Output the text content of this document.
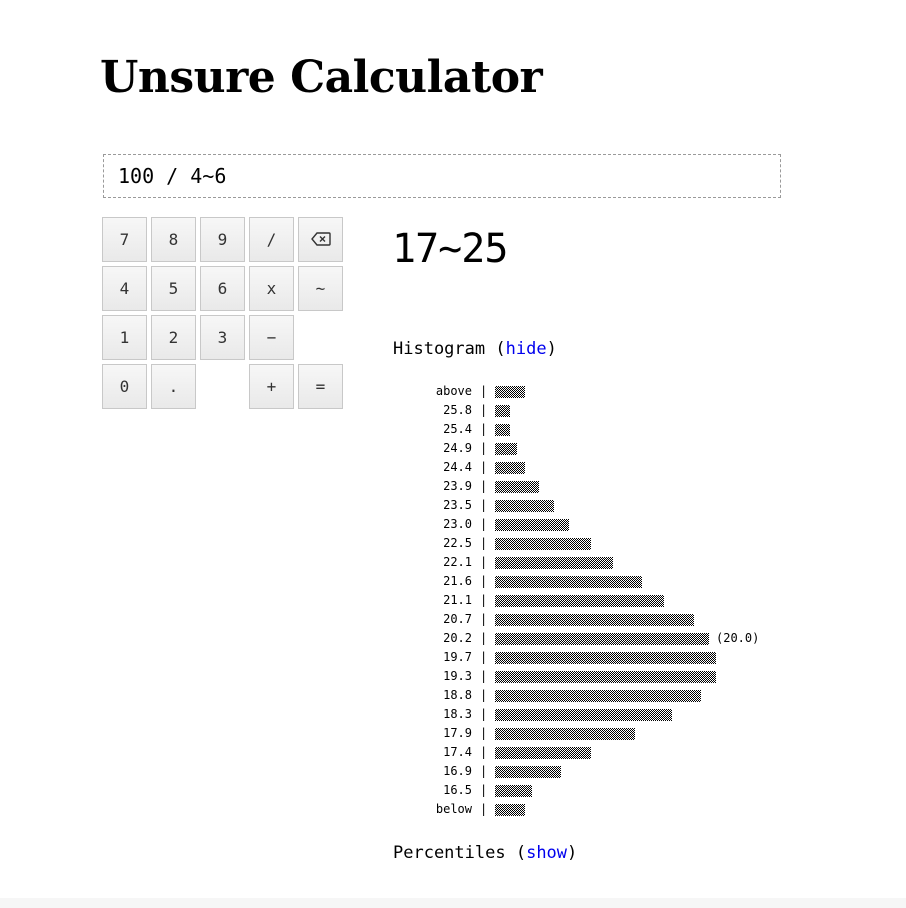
Unsure Calculator
100 / 4~6
7	8	9	/
4	5	6	x	~
1	2	3	−
0	.	+	=
17~25
Histogram (hide)
above |
25.8 |
25.4 |
24.9 |
24.4 |
23.9 |
23.5 |
23.0 |
22.5 |
22.1 |
21.6 |
21.1 |
20.7 |
20.2 |	(20.0)
19.7 |
19.3 |
18.8 |
18.3 |
17.9 |
17.4 |
16.9 |
16.5 |
below |
Percentiles (show)
